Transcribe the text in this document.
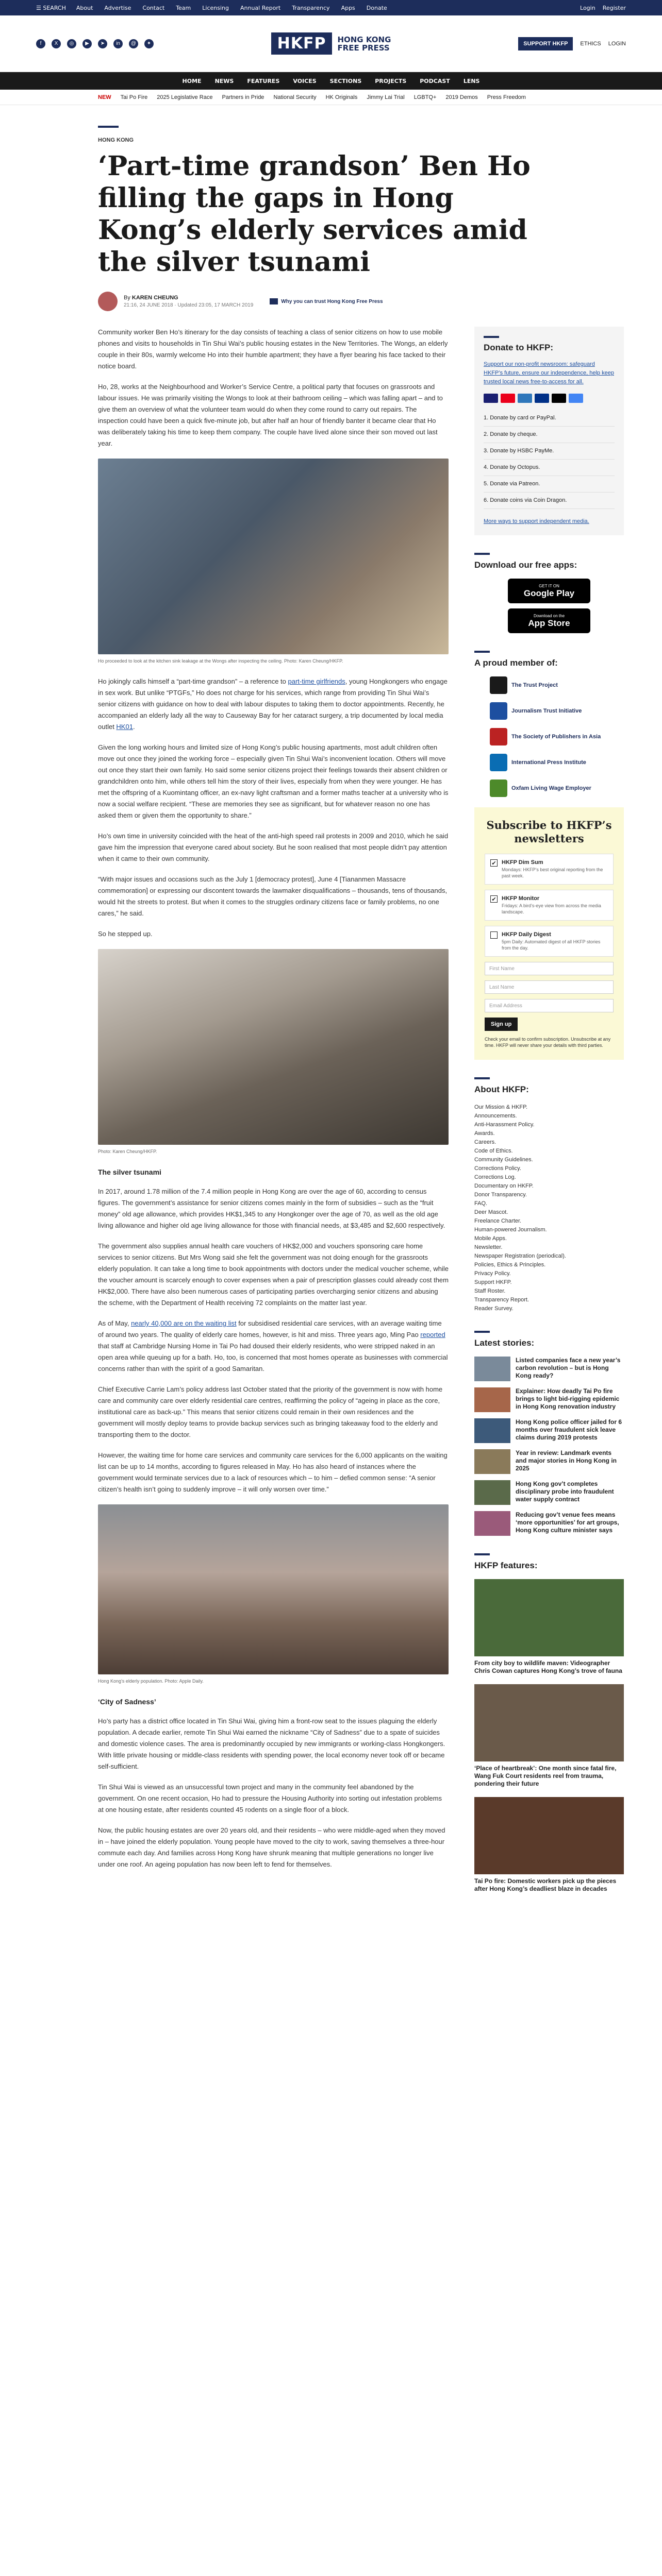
☰ SEARCH About Advertise Contact Team Licensing Annual Report Transparency Apps Donate	Login Register
f	X	◎	▶	➤	in	@	✦	HKFP	HONG KONG
FREE PRESS	SUPPORT HKFP	ETHICS LOGIN
HOME NEWS FEATURES VOICES SECTIONS PROJECTS PODCAST LENS
NEW Tai Po Fire 2025 Legislative Race Partners in Pride National Security HK Originals Jimmy Lai Trial LGBTQ+ 2019 Demos Press Freedom
HONG KONG
‘Part-time grandson’ Ben Ho filling the gaps in Hong Kong’s elderly services amid the silver tsunami
By KAREN CHEUNG
21:16, 24 JUNE 2018 · Updated 23:05, 17 MARCH 2019
Why you can trust Hong Kong Free Press

Community worker Ben Ho’s itinerary for the day consists of teaching a class of senior citizens on how to use mobile phones and visits to households in Tin Shui Wai’s public housing estates in the New Territories. The Wongs, an elderly couple in their 80s, warmly welcome Ho into their humble apartment; they have a flyer bearing his face tacked to their notice board.

Ho, 28, works at the Neighbourhood and Worker’s Service Centre, a political party that focuses on grassroots and labour issues. He was primarily visiting the Wongs to look at their bathroom ceiling – which was falling apart – and to give them an overview of what the volunteer team would do when they come round to carry out repairs. The inspection could have been a quick five-minute job, but after half an hour of friendly banter it became clear that Ho was deliberately taking his time to keep them company. The couple have lived alone since their son moved out last year.

Ho proceeded to look at the kitchen sink leakage at the Wongs after inspecting the ceiling. Photo: Karen Cheung/HKFP.

Ho jokingly calls himself a “part-time grandson” – a reference to part-time girlfriends, young Hongkongers who engage in sex work. But unlike “PTGFs,” Ho does not charge for his services, which range from providing Tin Shui Wai’s senior citizens with guidance on how to deal with labour disputes to taking them to doctor appointments. Recently, he accompanied an elderly lady all the way to Causeway Bay for her cataract surgery, a trip documented by local media outlet HK01.

Given the long working hours and limited size of Hong Kong’s public housing apartments, most adult children often move out once they joined the working force – especially given Tin Shui Wai’s inconvenient location. Others will move out once they start their own family. Ho said some senior citizens project their feelings towards their absent children or grandchildren onto him, while others tell him the story of their lives, especially from when they were younger. He has met the offspring of a Kuomintang officer, an ex-navy light craftsman and a former maths teacher at a university who is now a social welfare recipient. “These are memories they see as significant, but for whatever reason no one has asked them or given them the opportunity to share.”

Ho’s own time in university coincided with the heat of the anti-high speed rail protests in 2009 and 2010, which he said gave him the impression that everyone cared about society. But he soon realised that most people didn’t pay attention when it came to their own community.

“With major issues and occasions such as the July 1 [democracy protest], June 4 [Tiananmen Massacre commemoration] or expressing our discontent towards the lawmaker disqualifications – thousands, tens of thousands, would hit the streets to protest. But when it comes to the struggles ordinary citizens face or family problems, no one cares,” he said.

So he stepped up.

Photo: Karen Cheung/HKFP.
The silver tsunami

In 2017, around 1.78 million of the 7.4 million people in Hong Kong are over the age of 60, according to census figures. The government’s assistance for senior citizens comes mainly in the form of subsidies – such as the “fruit money” old age allowance, which provides HK$1,345 to any Hongkonger over the age of 70, as well as the old age living allowance and higher old age living allowance for those with financial needs, at $3,485 and $2,600 respectively.

The government also supplies annual health care vouchers of HK$2,000 and vouchers sponsoring care home services to senior citizens. But Mrs Wong said she felt the government was not doing enough for the grassroots elderly population. It can take a long time to book appointments with doctors under the medical voucher scheme, while the voucher amount is scarcely enough to cover expenses when a pair of prescription glasses could already cost them HK$2,000. There have also been numerous cases of participating parties overcharging senior citizens and abusing the scheme, with the Department of Health receiving 72 complaints on the matter last year.

As of May, nearly 40,000 are on the waiting list for subsidised residential care services, with an average waiting time of around two years. The quality of elderly care homes, however, is hit and miss. Three years ago, Ming Pao reported that staff at Cambridge Nursing Home in Tai Po had doused their elderly residents, who were stripped naked in an open area while queuing up for a bath. Ho, too, is concerned that most homes operate as businesses with commercial concerns rather than with the spirit of a good Samaritan.

Chief Executive Carrie Lam’s policy address last October stated that the priority of the government is now with home care and community care over elderly residential care centres, reaffirming the policy of “ageing in place as the core, institutional care as back-up.” This means that senior citizens could remain in their own residences and the government will mostly deploy teams to provide backup services such as bringing takeaway food to the elderly and transporting them to the doctor.

However, the waiting time for home care services and community care services for the 6,000 applicants on the waiting list can be up to 14 months, according to figures released in May. Ho has also heard of instances where the government would terminate services due to a lack of resources which – to him – defied common sense: “A senior citizen’s health isn’t going to suddenly improve – it will only worsen over time.”

Hong Kong’s elderly population. Photo: Apple Daily.
‘City of Sadness’

Ho’s party has a district office located in Tin Shui Wai, giving him a front-row seat to the issues plaguing the elderly population. A decade earlier, remote Tin Shui Wai earned the nickname “City of Sadness” due to a spate of suicides and domestic violence cases. The area is predominantly occupied by new immigrants or working-class Hongkongers. With little private housing or middle-class residents with spending power, the local economy never took off or became self-sufficient.

Tin Shui Wai is viewed as an unsuccessful town project and many in the community feel abandoned by the government. On one recent occasion, Ho had to pressure the Housing Authority into sorting out infestation problems at one housing estate, after residents counted 45 rodents on a single floor of a block.

Now, the public housing estates are over 20 years old, and their residents – who were middle-aged when they moved in – have joined the elderly population. Young people have moved to the city to work, saving themselves a three-hour commute each day. And families across Hong Kong have shrunk meaning that multiple generations no longer live under one roof. An ageing population has now been left to fend for themselves.

Donate to HKFP:
Support our non-profit newsroom: safeguard HKFP’s future, ensure our independence, help keep trusted local news free-to-access for all.
1. Donate by card or PayPal.
2. Donate by cheque.
3. Donate by HSBC PayMe.
4. Donate by Octopus.
5. Donate via Patreon.
6. Donate coins via Coin Dragon.
More ways to support independent media.
Download our free apps:
GET IT ON
Google Play
Download on the
App Store
A proud member of:
The Trust Project
Journalism Trust Initiative
The Society of Publishers in Asia
International Press Institute
Oxfam Living Wage Employer
Subscribe to HKFP’s newsletters
✔ HKFP Dim Sum
Mondays: HKFP’s best original reporting from the past week.
✔ HKFP Monitor
Fridays: A bird’s-eye view from across the media landscape.
HKFP Daily Digest
5pm Daily: Automated digest of all HKFP stories from the day.
First Name
Last Name
Email Address
Sign up
Check your email to confirm subscription. Unsubscribe at any time. HKFP will never share your details with third parties.
About HKFP:
Our Mission & HKFP.
Announcements.
Anti-Harassment Policy.
Awards.
Careers.
Code of Ethics.
Community Guidelines.
Corrections Policy.
Corrections Log.
Documentary on HKFP.
Donor Transparency.
FAQ.
Deer Mascot.
Freelance Charter.
Human-powered Journalism.
Mobile Apps.
Newsletter.
Newspaper Registration (periodical).
Policies, Ethics & Principles.
Privacy Policy.
Support HKFP.
Staff Roster.
Transparency Report.
Reader Survey.
Latest stories:
Listed companies face a new year’s carbon revolution – but is Hong Kong ready?
Explainer: How deadly Tai Po fire brings to light bid-rigging epidemic in Hong Kong renovation industry
Hong Kong police officer jailed for 6 months over fraudulent sick leave claims during 2019 protests
Year in review: Landmark events and major stories in Hong Kong in 2025
Hong Kong gov’t completes disciplinary probe into fraudulent water supply contract
Reducing gov’t venue fees means ‘more opportunities’ for art groups, Hong Kong culture minister says
HKFP features:
From city boy to wildlife maven: Videographer Chris Cowan captures Hong Kong’s trove of fauna
‘Place of heartbreak’: One month since fatal fire, Wang Fuk Court residents reel from trauma, pondering their future
Tai Po fire: Domestic workers pick up the pieces after Hong Kong’s deadliest blaze in decades
